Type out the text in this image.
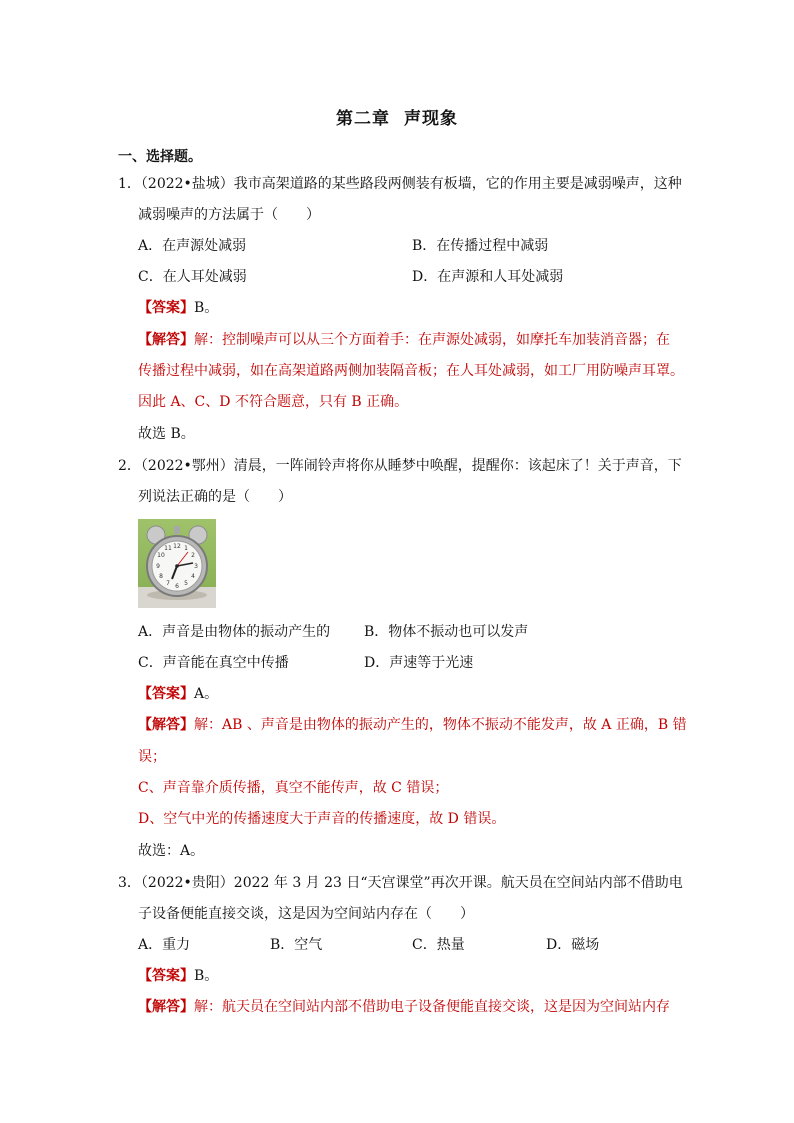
第二章 声现象
一、选择题。
1．（2022•盐城）我市高架道路的某些路段两侧装有板墙，它的作用主要是减弱噪声，这种
减弱噪声的方法属于（　　）
A．在声源处减弱	B．在传播过程中减弱
C．在人耳处减弱	D．在声源和人耳处减弱
【答案】B。
【解答】解：控制噪声可以从三个方面着手：在声源处减弱，如摩托车加装消音器；在
传播过程中减弱，如在高架道路两侧加装隔音板；在人耳处减弱，如工厂用防噪声耳罩。
因此 A、C、D 不符合题意，只有 B 正确。
故选 B。
2．（2022•鄂州）清晨，一阵闹铃声将你从睡梦中唤醒，提醒你：该起床了！关于声音，下
列说法正确的是（　　）
12 1
2
3
4
5
6
7
8
9
10
11
A．声音是由物体的振动产生的 B．物体不振动也可以发声
C．声音能在真空中传播	D．声速等于光速
【答案】A。
【解答】解：AB 、声音是由物体的振动产生的，物体不振动不能发声，故 A 正确，B 错
误；
C、声音靠介质传播，真空不能传声，故 C 错误；
D、空气中光的传播速度大于声音的传播速度，故 D 错误。
故选：A。
3．（2022•贵阳）2022 年 3 月 23 日“天宫课堂”再次开课。航天员在空间站内部不借助电
子设备便能直接交谈，这是因为空间站内存在（　　）
A．重力	B．空气	C．热量	D．磁场
【答案】B。
【解答】解：航天员在空间站内部不借助电子设备便能直接交谈，这是因为空间站内存
